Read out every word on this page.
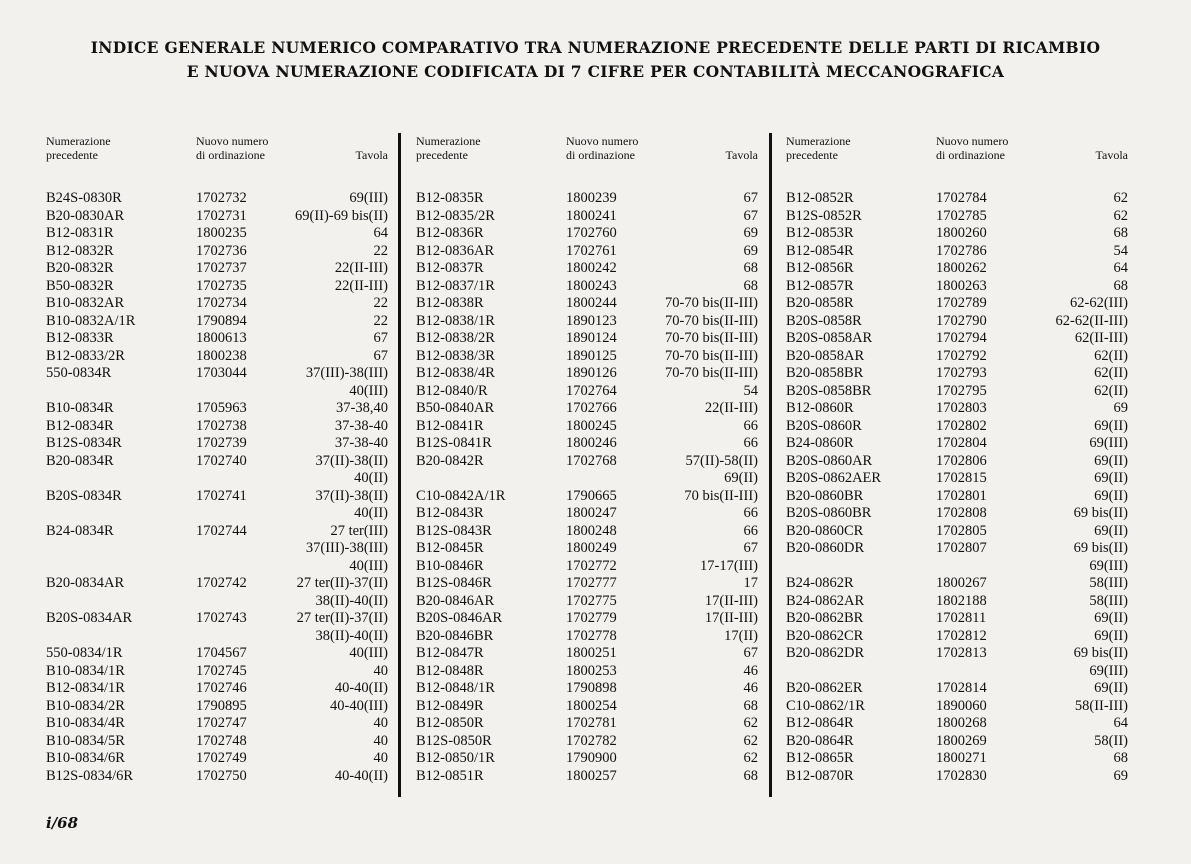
INDICE GENERALE NUMERICO COMPARATIVO TRA NUMERAZIONE PRECEDENTE DELLE PARTI DI RICAMBIO
E NUOVA NUMERAZIONE CODIFICATA DI 7 CIFRE PER CONTABILITÀ MECCANOGRAFICA
Numerazione
precedente
Nuovo numero
di ordinazione	Tavola
B24S-0830R	1702732	69(III)
B20-0830AR	1702731	69(II)-69 bis(II)
B12-0831R	1800235	64
B12-0832R	1702736	22
B20-0832R	1702737	22(II-III)
B50-0832R	1702735	22(II-III)
B10-0832AR	1702734	22
B10-0832A/1R	1790894	22
B12-0833R	1800613	67
B12-0833/2R	1800238	67
550-0834R	1703044	37(III)-38(III)
40(III)
B10-0834R	1705963	37-38,40
B12-0834R	1702738	37-38-40
B12S-0834R	1702739	37-38-40
B20-0834R	1702740	37(II)-38(II)
40(II)
B20S-0834R	1702741	37(II)-38(II)
40(II)
B24-0834R	1702744	27 ter(III)
37(III)-38(III)
40(III)
B20-0834AR	1702742	27 ter(II)-37(II)
38(II)-40(II)
B20S-0834AR	1702743	27 ter(II)-37(II)
38(II)-40(II)
550-0834/1R	1704567	40(III)
B10-0834/1R	1702745	40
B12-0834/1R	1702746	40-40(II)
B10-0834/2R	1790895	40-40(III)
B10-0834/4R	1702747	40
B10-0834/5R	1702748	40
B10-0834/6R	1702749	40
B12S-0834/6R	1702750	40-40(II)
Numerazione
precedente
Nuovo numero
di ordinazione	Tavola
B12-0835R	1800239	67
B12-0835/2R	1800241	67
B12-0836R	1702760	69
B12-0836AR	1702761	69
B12-0837R	1800242	68
B12-0837/1R	1800243	68
B12-0838R	1800244	70-70 bis(II-III)
B12-0838/1R	1890123	70-70 bis(II-III)
B12-0838/2R	1890124	70-70 bis(II-III)
B12-0838/3R	1890125	70-70 bis(II-III)
B12-0838/4R	1890126	70-70 bis(II-III)
B12-0840/R	1702764	54
B50-0840AR	1702766	22(II-III)
B12-0841R	1800245	66
B12S-0841R	1800246	66
B20-0842R	1702768	57(II)-58(II)
69(II)
C10-0842A/1R	1790665	70 bis(II-III)
B12-0843R	1800247	66
B12S-0843R	1800248	66
B12-0845R	1800249	67
B10-0846R	1702772	17-17(III)
B12S-0846R	1702777	17
B20-0846AR	1702775	17(II-III)
B20S-0846AR	1702779	17(II-III)
B20-0846BR	1702778	17(II)
B12-0847R	1800251	67
B12-0848R	1800253	46
B12-0848/1R	1790898	46
B12-0849R	1800254	68
B12-0850R	1702781	62
B12S-0850R	1702782	62
B12-0850/1R	1790900	62
B12-0851R	1800257	68
Numerazione
precedente
Nuovo numero
di ordinazione	Tavola
B12-0852R	1702784	62
B12S-0852R	1702785	62
B12-0853R	1800260	68
B12-0854R	1702786	54
B12-0856R	1800262	64
B12-0857R	1800263	68
B20-0858R	1702789	62-62(III)
B20S-0858R	1702790	62-62(II-III)
B20S-0858AR	1702794	62(II-III)
B20-0858AR	1702792	62(II)
B20-0858BR	1702793	62(II)
B20S-0858BR	1702795	62(II)
B12-0860R	1702803	69
B20S-0860R	1702802	69(II)
B24-0860R	1702804	69(III)
B20S-0860AR	1702806	69(II)
B20S-0862AER	1702815	69(II)
B20-0860BR	1702801	69(II)
B20S-0860BR	1702808	69 bis(II)
B20-0860CR	1702805	69(II)
B20-0860DR	1702807	69 bis(II)
69(III)
B24-0862R	1800267	58(III)
B24-0862AR	1802188	58(III)
B20-0862BR	1702811	69(II)
B20-0862CR	1702812	69(II)
B20-0862DR	1702813	69 bis(II)
69(III)
B20-0862ER	1702814	69(II)
C10-0862/1R	1890060	58(II-III)
B12-0864R	1800268	64
B20-0864R	1800269	58(II)
B12-0865R	1800271	68
B12-0870R	1702830	69
i/68
